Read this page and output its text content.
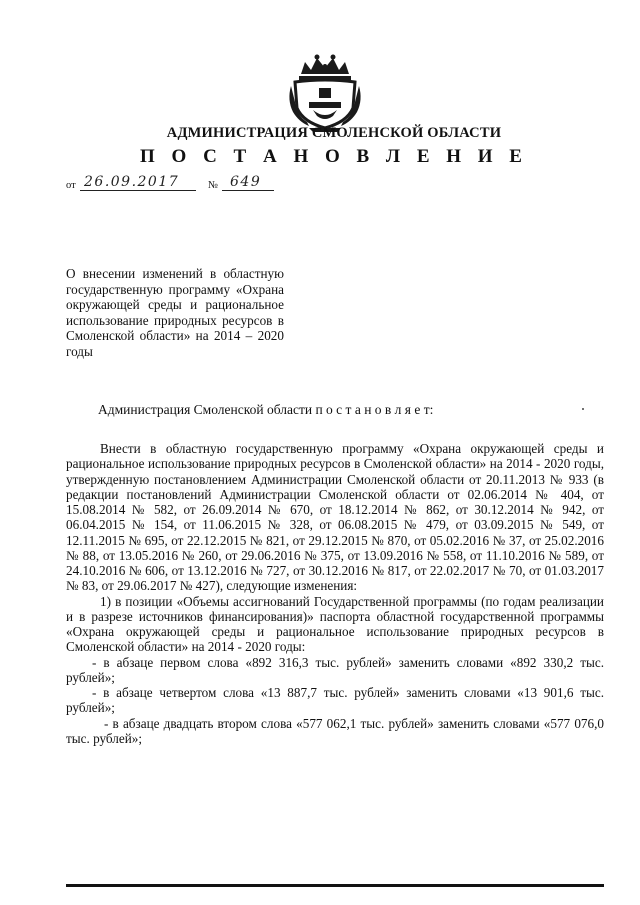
АДМИНИСТРАЦИЯ СМОЛЕНСКОЙ ОБЛАСТИ
П О С Т А Н О В Л Е Н И Е
от 26.09.2017	№ 649
О внесении изменений в областную государственную программу «Охрана окружающей среды и рациональное использование природных ресурсов в Смоленской области» на 2014 – 2020 годы
Администрация Смоленской области п о с т а н о в л я е т:

Внести в областную государственную программу «Охрана окружающей среды и рациональное использование природных ресурсов в Смоленской области» на 2014 - 2020 годы, утвержденную постановлением Администрации Смоленской области от 20.11.2013 № 933 (в редакции постановлений Администрации Смоленской области от 02.06.2014 № 404, от 15.08.2014 № 582, от 26.09.2014 № 670, от 18.12.2014 № 862, от 30.12.2014 № 942, от 06.04.2015 № 154, от 11.06.2015 № 328, от 06.08.2015 № 479, от 03.09.2015 № 549, от 12.11.2015 № 695, от 22.12.2015 № 821, от 29.12.2015 № 870, от 05.02.2016 № 37, от 25.02.2016 № 88, от 13.05.2016 № 260, от 29.06.2016 № 375, от 13.09.2016 № 558, от 11.10.2016 № 589, от 24.10.2016 № 606, от 13.12.2016 № 727, от 30.12.2016 № 817, от 22.02.2017 № 70, от 01.03.2017 № 83, от 29.06.2017 № 427), следующие изменения:

1) в позиции «Объемы ассигнований Государственной программы (по годам реализации и в разрезе источников финансирования)» паспорта областной государственной программы «Охрана окружающей среды и рациональное использование природных ресурсов в Смоленской области» на 2014 - 2020 годы:

- в абзаце первом слова «892 316,3 тыс. рублей» заменить словами «892 330,2 тыс. рублей»;

- в абзаце четвертом слова «13 887,7 тыс. рублей» заменить словами «13 901,6 тыс. рублей»;

- в абзаце двадцать втором слова «577 062,1 тыс. рублей» заменить словами «577 076,0 тыс. рублей»;
